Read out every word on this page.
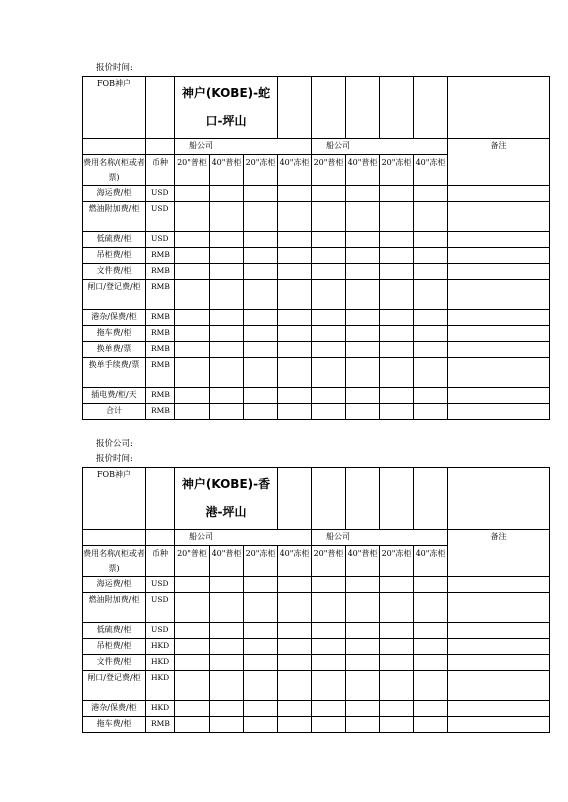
报价时间:
FOB神户		神户(KOBE)-蛇口-坪山								
		船公司				船公司				备注
费用名称/(柜或者票)	币种	20"普柜	40"普柜	20"冻柜	40"冻柜	20"普柜	40"普柜	20"冻柜	40"冻柜	
海运费/柜	USD									
燃油附加费/柜	USD									
低硫费/柜	USD									
吊柜费/柜	RMB									
文件费/柜	RMB									
闸口/登记费/柜	RMB									
港杂/保费/柜	RMB									
拖车费/柜	RMB									
换单费/票	RMB									
换单手续费/票	RMB									
插电费/柜/天	RMB									
合计	RMB									
报价公司:
报价时间:
FOB神户		神户(KOBE)-香港-坪山								
		船公司				船公司				备注
费用名称/(柜或者票)	币种	20"普柜	40"普柜	20"冻柜	40"冻柜	20"普柜	40"普柜	20"冻柜	40"冻柜	
海运费/柜	USD									
燃油附加费/柜	USD									
低硫费/柜	USD									
吊柜费/柜	HKD									
文件费/柜	HKD									
闸口/登记费/柜	HKD									
港杂/保费/柜	HKD									
拖车费/柜	RMB									
